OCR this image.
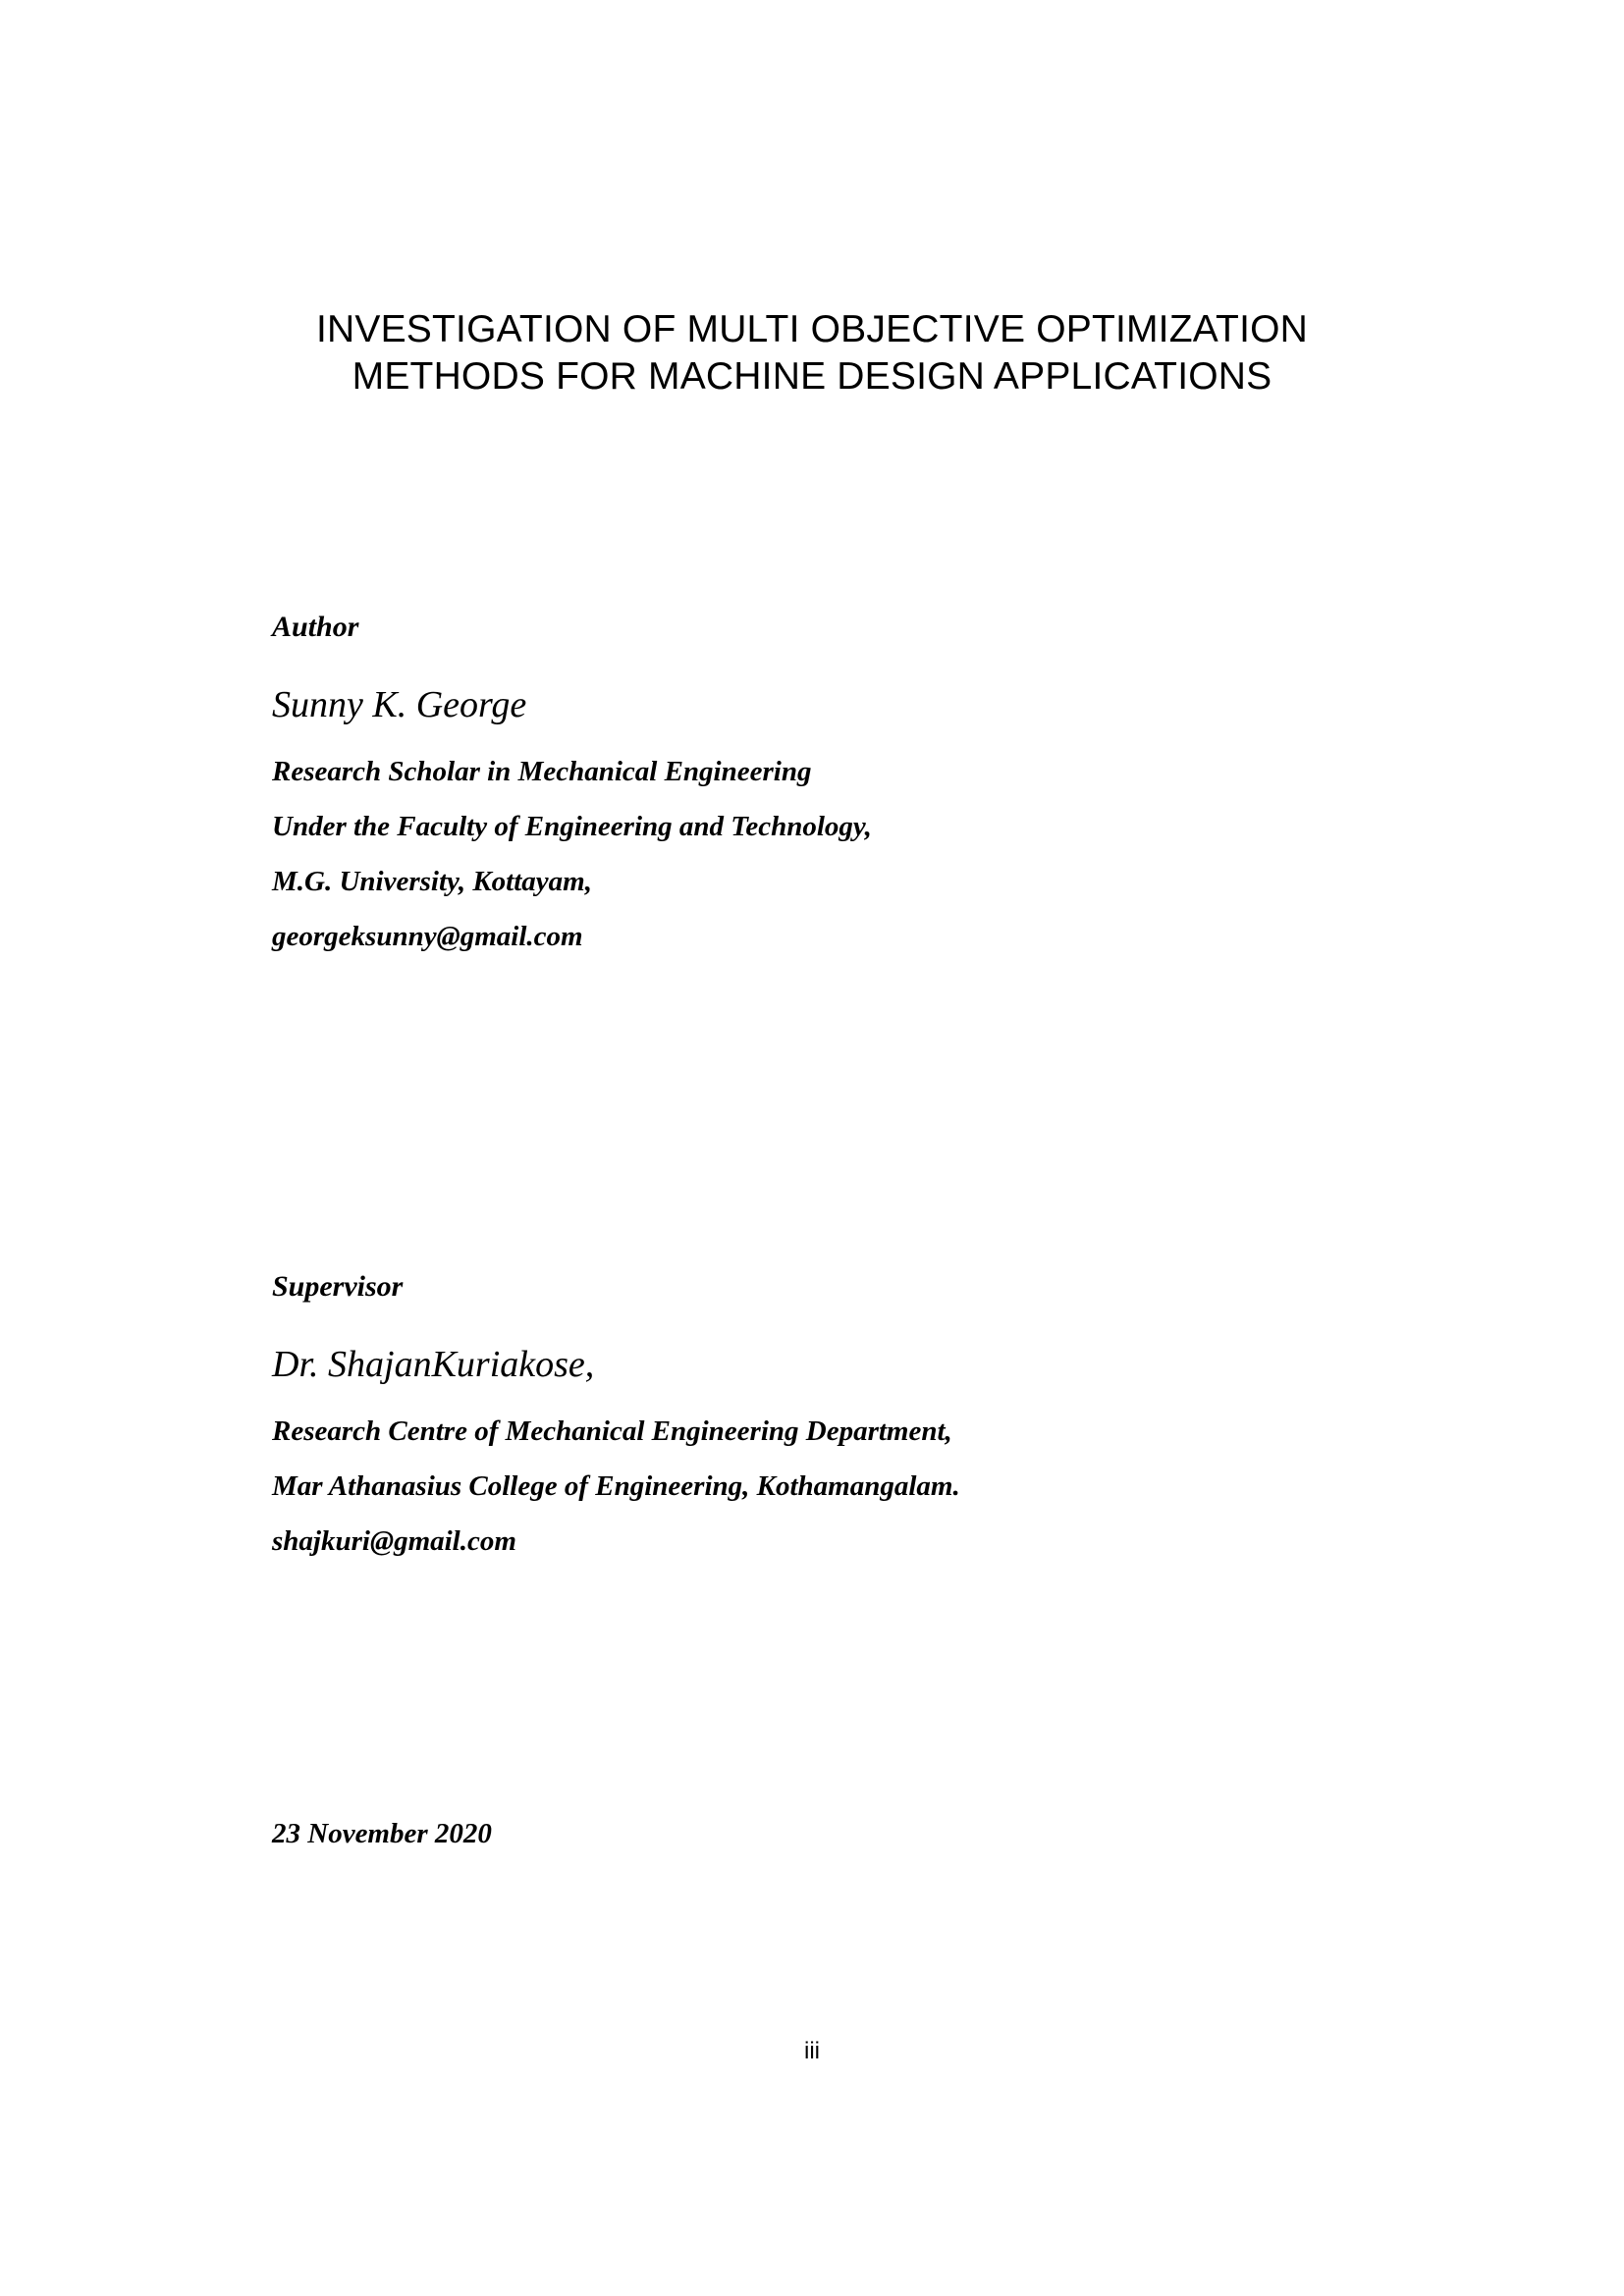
INVESTIGATION OF MULTI OBJECTIVE OPTIMIZATION
METHODS FOR MACHINE DESIGN APPLICATIONS
Author
Sunny K. George
Research Scholar in Mechanical Engineering
Under the Faculty of Engineering and Technology,
M.G. University, Kottayam,
georgeksunny@gmail.com
Supervisor
Dr. ShajanKuriakose,
Research Centre of Mechanical Engineering Department,
Mar Athanasius College of Engineering, Kothamangalam.
shajkuri@gmail.com
23 November 2020
iii
